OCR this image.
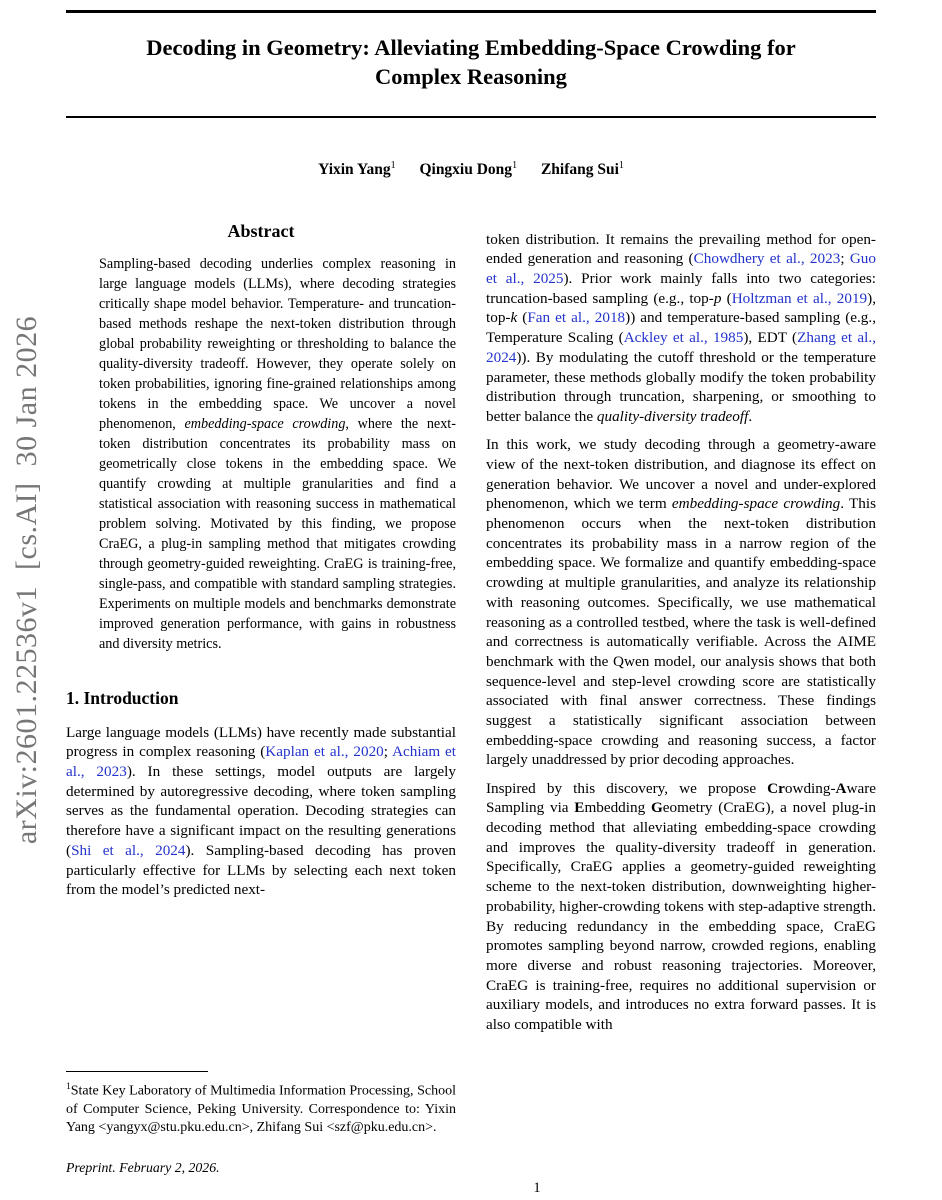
arXiv:2601.22536v1  [cs.AI]  30 Jan 2026
Decoding in Geometry: Alleviating Embedding-Space Crowding for Complex Reasoning
Yixin Yang$^1$ Qingxiu Dong$^1$ Zhifang Sui$^1$
Abstract

Sampling-based decoding underlies complex reasoning in large language models (LLMs), where decoding strategies critically shape model behavior. Temperature- and truncation-based methods reshape the next-token distribution through global probability reweighting or thresholding to balance the quality-diversity tradeoff. However, they operate solely on token probabilities, ignoring fine-grained relationships among tokens in the embedding space. We uncover a novel phenomenon, embedding-space crowding, where the next-token distribution concentrates its probability mass on geometrically close tokens in the embedding space. We quantify crowding at multiple granularities and find a statistical association with reasoning success in mathematical problem solving. Motivated by this finding, we propose CraEG, a plug-in sampling method that mitigates crowding through geometry-guided reweighting. CraEG is training-free, single-pass, and compatible with standard sampling strategies. Experiments on multiple models and benchmarks demonstrate improved generation performance, with gains in robustness and diversity metrics.

1. Introduction

Large language models (LLMs) have recently made substantial progress in complex reasoning (Kaplan et al., 2020; Achiam et al., 2023). In these settings, model outputs are largely determined by autoregressive decoding, where token sampling serves as the fundamental operation. Decoding strategies can therefore have a significant impact on the resulting generations (Shi et al., 2024). Sampling-based decoding has proven particularly effective for LLMs by selecting each next token from the model’s predicted next-

$^1$State Key Laboratory of Multimedia Information Processing, School of Computer Science, Peking University. Correspondence to: Yixin Yang <yangyx@stu.pku.edu.cn>, Zhifang Sui <szf@pku.edu.cn>.

Preprint. February 2, 2026.

token distribution. It remains the prevailing method for open-ended generation and reasoning (Chowdhery et al., 2023; Guo et al., 2025). Prior work mainly falls into two categories: truncation-based sampling (e.g., top-p (Holtzman et al., 2019), top-k (Fan et al., 2018)) and temperature-based sampling (e.g., Temperature Scaling (Ackley et al., 1985), EDT (Zhang et al., 2024)). By modulating the cutoff threshold or the temperature parameter, these methods globally modify the token probability distribution through truncation, sharpening, or smoothing to better balance the quality-diversity tradeoff.

In this work, we study decoding through a geometry-aware view of the next-token distribution, and diagnose its effect on generation behavior. We uncover a novel and under-explored phenomenon, which we term embedding-space crowding. This phenomenon occurs when the next-token distribution concentrates its probability mass in a narrow region of the embedding space. We formalize and quantify embedding-space crowding at multiple granularities, and analyze its relationship with reasoning outcomes. Specifically, we use mathematical reasoning as a controlled testbed, where the task is well-defined and correctness is automatically verifiable. Across the AIME benchmark with the Qwen model, our analysis shows that both sequence-level and step-level crowding score are statistically associated with final answer correctness. These findings suggest a statistically significant association between embedding-space crowding and reasoning success, a factor largely unaddressed by prior decoding approaches.

Inspired by this discovery, we propose Crowding-Aware Sampling via Embedding Geometry (CraEG), a novel plug-in decoding method that alleviating embedding-space crowding and improves the quality-diversity tradeoff in generation. Specifically, CraEG applies a geometry-guided reweighting scheme to the next-token distribution, downweighting higher-probability, higher-crowding tokens with step-adaptive strength. By reducing redundancy in the embedding space, CraEG promotes sampling beyond narrow, crowded regions, enabling more diverse and robust reasoning trajectories. Moreover, CraEG is training-free, requires no additional supervision or auxiliary models, and introduces no extra forward passes. It is also compatible with

1
